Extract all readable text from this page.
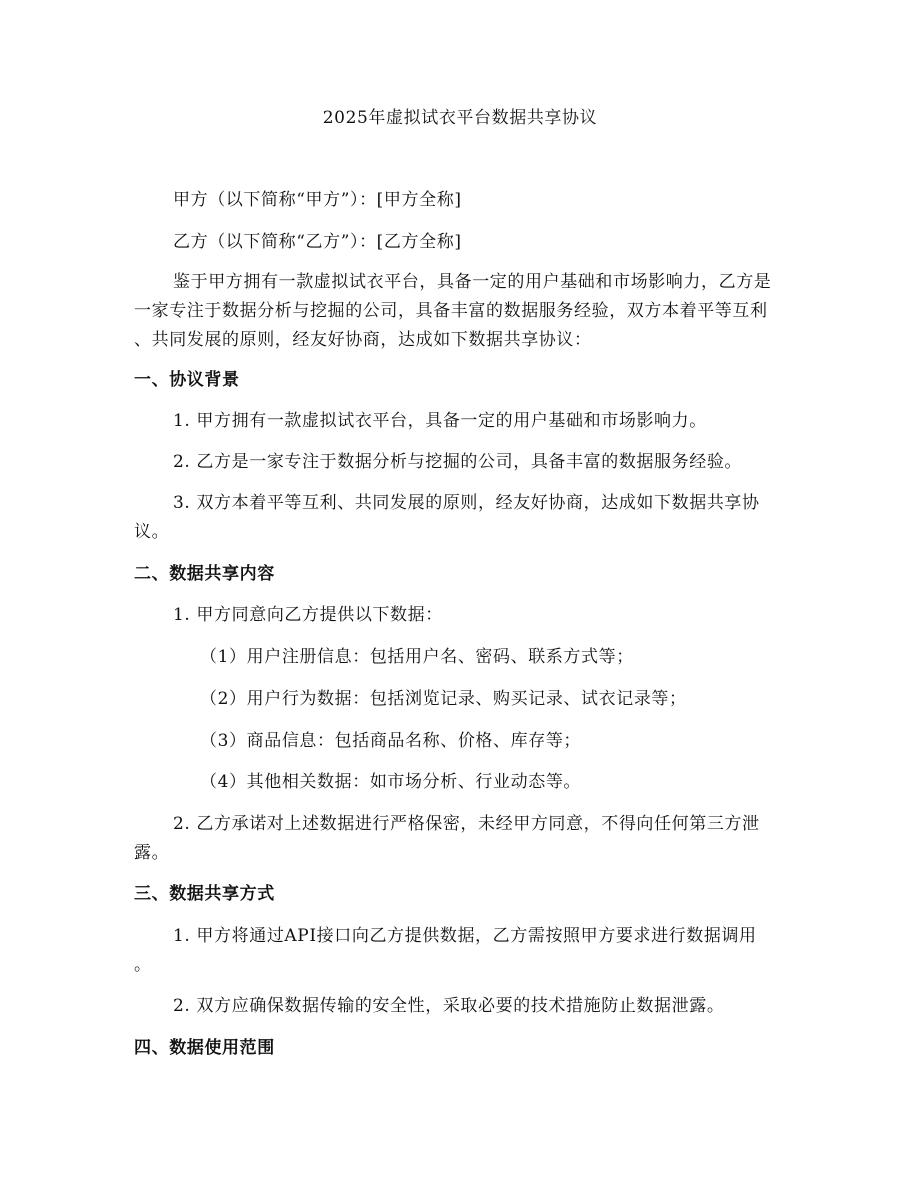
2025年虚拟试衣平台数据共享协议
甲方（以下简称“甲方”）：[甲方全称]
乙方（以下简称“乙方”）：[乙方全称]
鉴于甲方拥有一款虚拟试衣平台，具备一定的用户基础和市场影响力，乙方是
一家专注于数据分析与挖掘的公司，具备丰富的数据服务经验，双方本着平等互利
、共同发展的原则，经友好协商，达成如下数据共享协议：
一、协议背景
1. 甲方拥有一款虚拟试衣平台，具备一定的用户基础和市场影响力。
2. 乙方是一家专注于数据分析与挖掘的公司，具备丰富的数据服务经验。
3. 双方本着平等互利、共同发展的原则，经友好协商，达成如下数据共享协
议。
二、数据共享内容
1. 甲方同意向乙方提供以下数据：
（1）用户注册信息：包括用户名、密码、联系方式等；
（2）用户行为数据：包括浏览记录、购买记录、试衣记录等；
（3）商品信息：包括商品名称、价格、库存等；
（4）其他相关数据：如市场分析、行业动态等。
2. 乙方承诺对上述数据进行严格保密，未经甲方同意，不得向任何第三方泄
露。
三、数据共享方式
1. 甲方将通过API接口向乙方提供数据，乙方需按照甲方要求进行数据调用
。
2. 双方应确保数据传输的安全性，采取必要的技术措施防止数据泄露。
四、数据使用范围
